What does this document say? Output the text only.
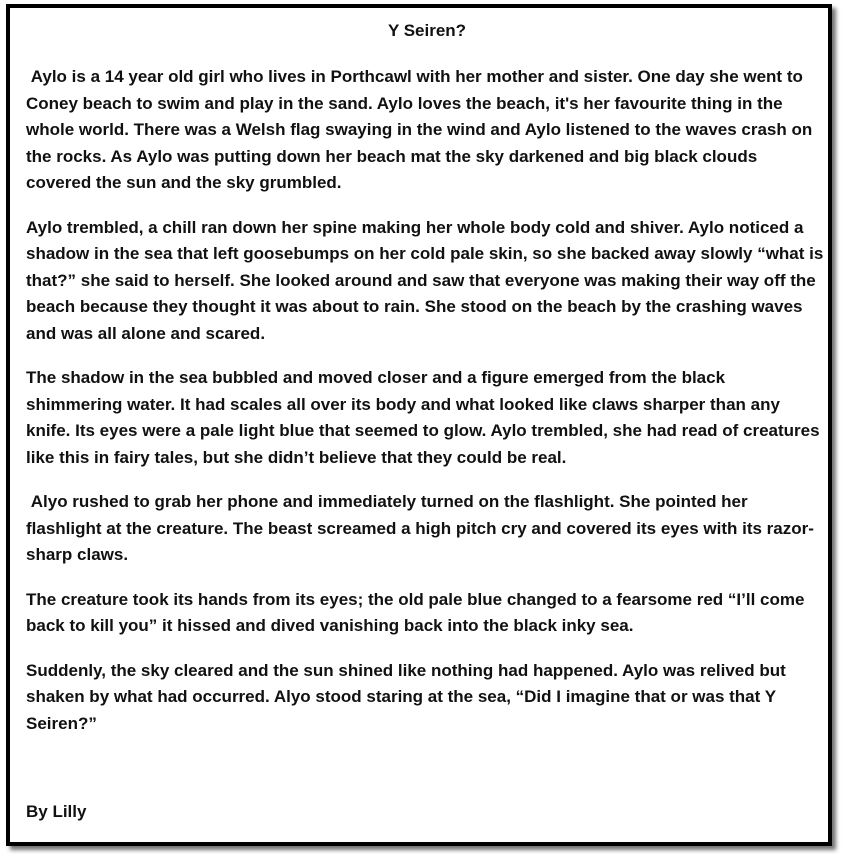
Y Seiren?

Aylo is a 14 year old girl who lives in Porthcawl with her mother and sister. One day she went to Coney beach to swim and play in the sand. Aylo loves the beach, it's her favourite thing in the whole world. There was a Welsh flag swaying in the wind and Aylo listened to the waves crash on the rocks. As Aylo was putting down her beach mat the sky darkened and big black clouds covered the sun and the sky grumbled.

Aylo trembled, a chill ran down her spine making her whole body cold and shiver. Aylo noticed a shadow in the sea that left goosebumps on her cold pale skin, so she backed away slowly “what is that?” she said to herself. She looked around and saw that everyone was making their way off the beach because they thought it was about to rain. She stood on the beach by the crashing waves and was all alone and scared.

The shadow in the sea bubbled and moved closer and a figure emerged from the black shimmering water. It had scales all over its body and what looked like claws sharper than any knife. Its eyes were a pale light blue that seemed to glow. Aylo trembled, she had read of creatures like this in fairy tales, but she didn’t believe that they could be real.

Alyo rushed to grab her phone and immediately turned on the flashlight. She pointed her flashlight at the creature. The beast screamed a high pitch cry and covered its eyes with its razor-sharp claws.

The creature took its hands from its eyes; the old pale blue changed to a fearsome red “I’ll come back to kill you” it hissed and dived vanishing back into the black inky sea.

Suddenly, the sky cleared and the sun shined like nothing had happened. Aylo was relived but shaken by what had occurred. Alyo stood staring at the sea, “Did I imagine that or was that Y Seiren?”

By Lilly
